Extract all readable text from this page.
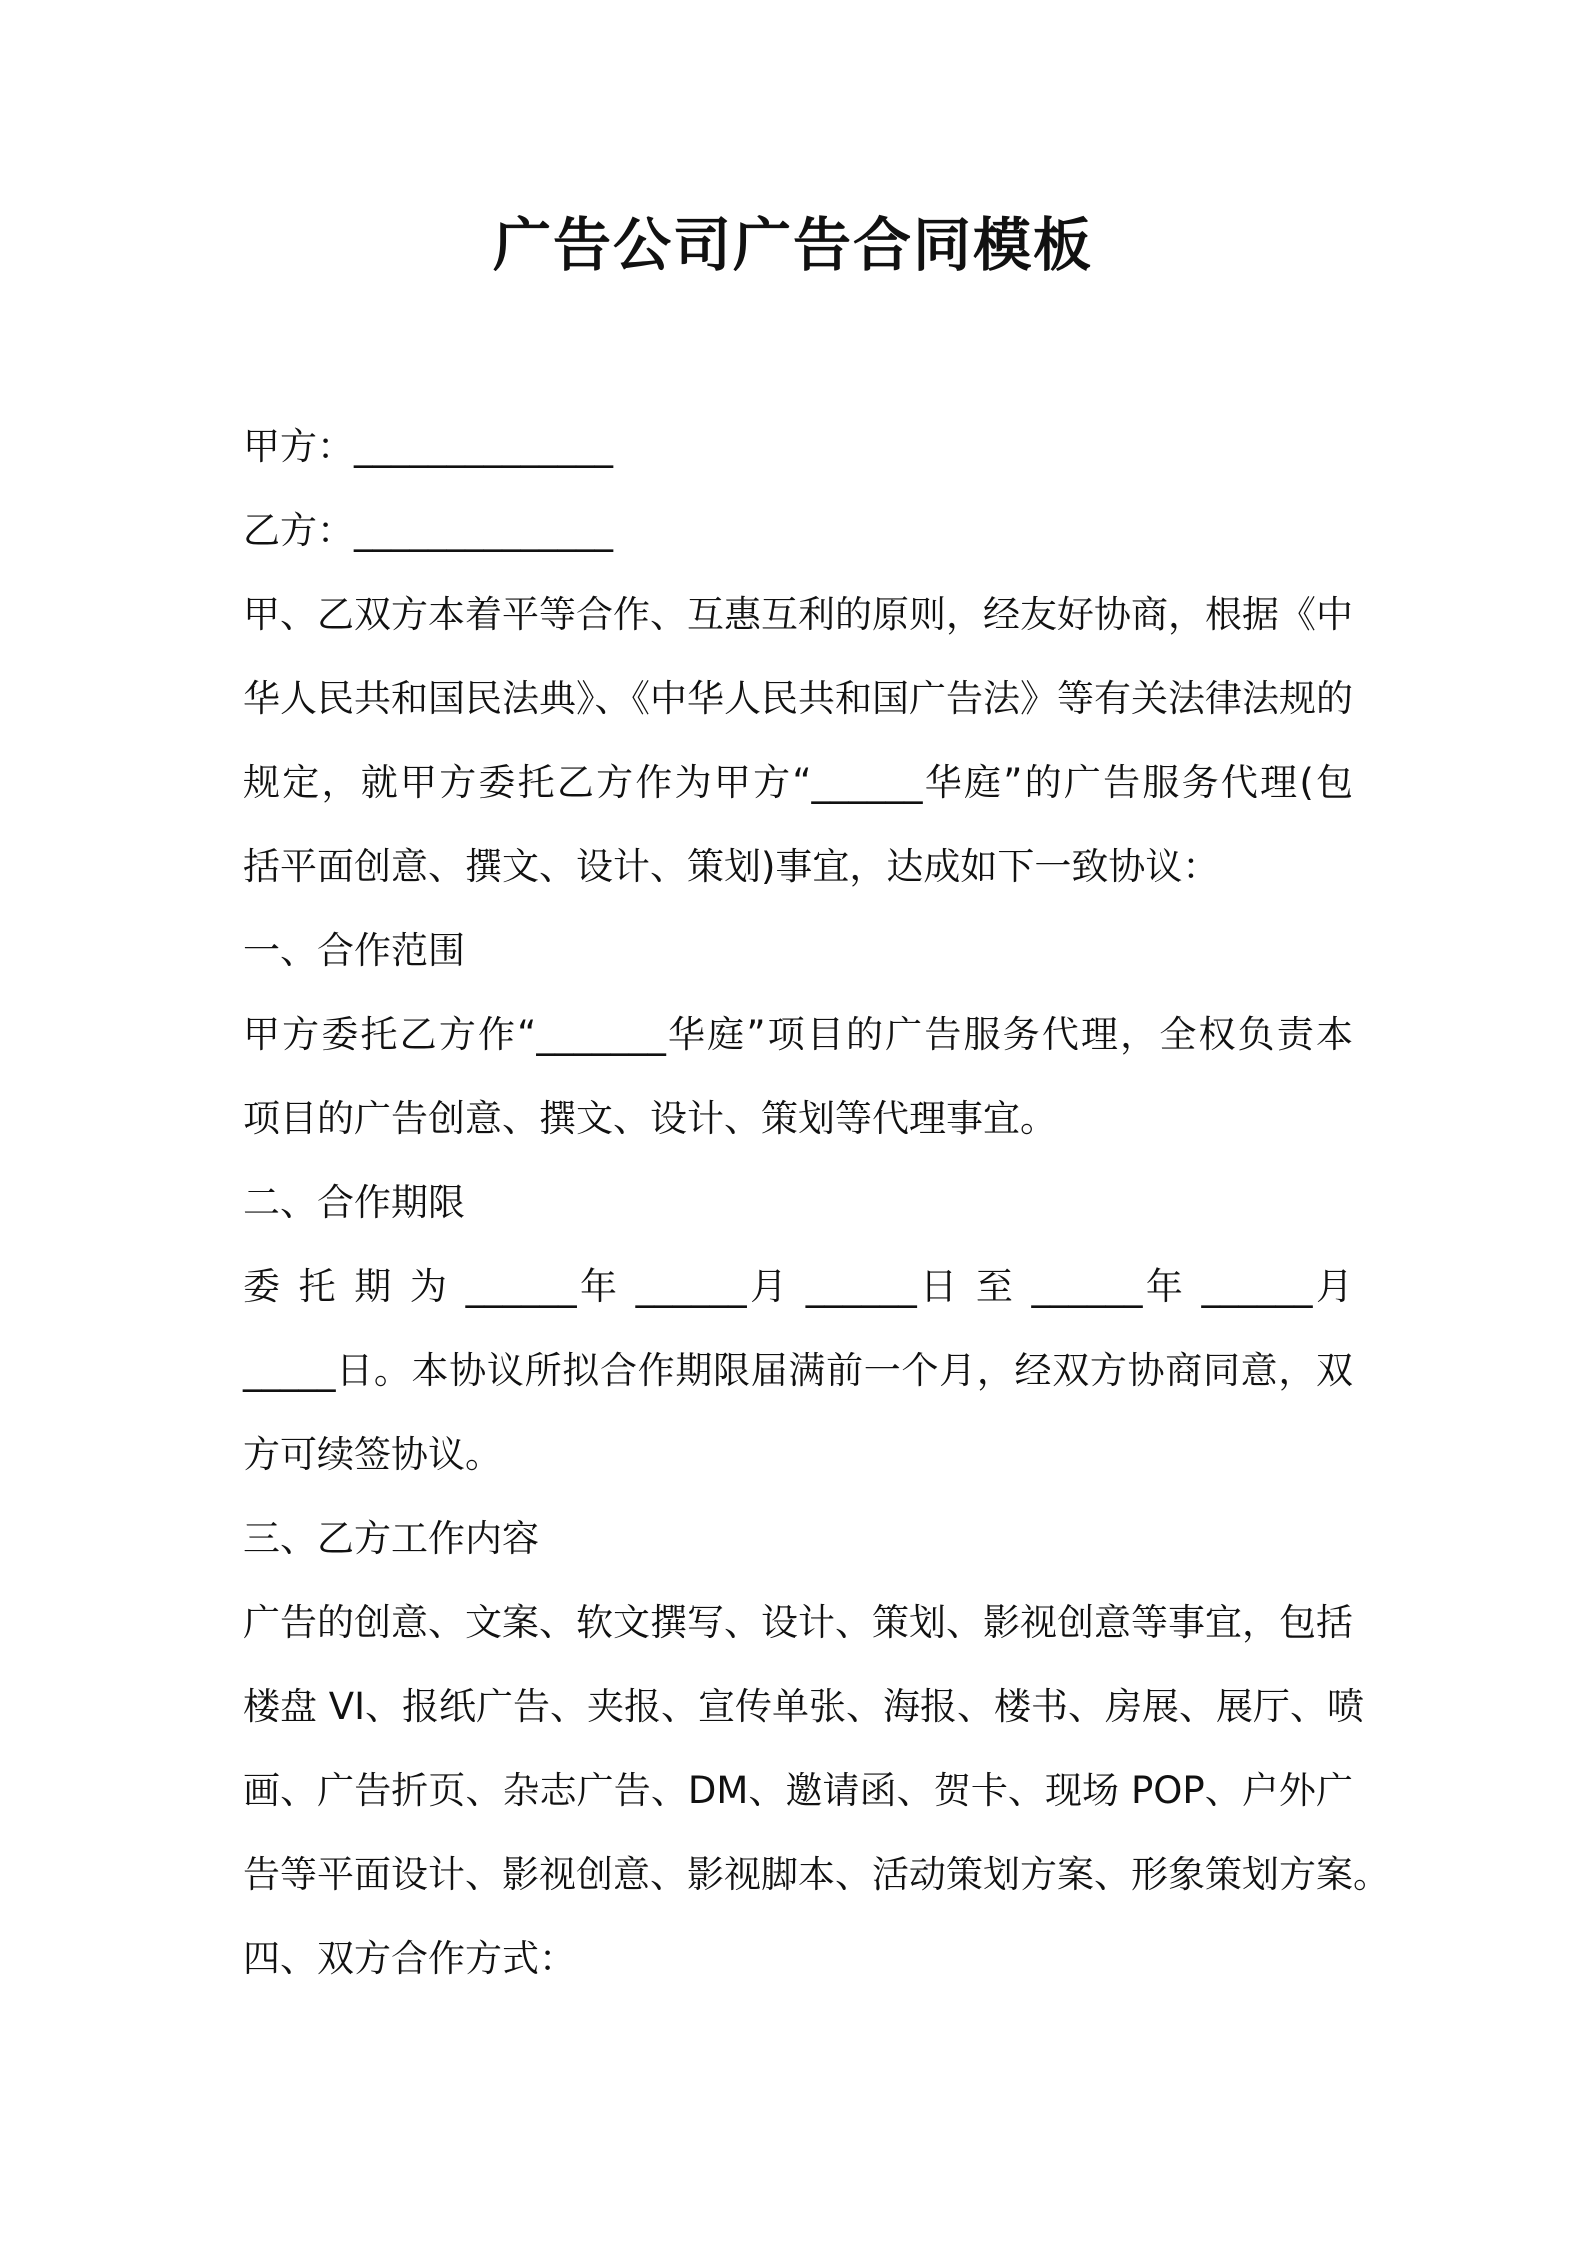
广告公司广告合同模板

甲方：______________

乙方：______________

甲、乙双方本着平等合作、互惠互利的原则，经友好协商，根据《中

华人民共和国民法典》、《中华人民共和国广告法》等有关法律法规的

规定，就甲方委托乙方作为甲方“______华庭”的广告服务代理(包

括平面创意、撰文、设计、策划)事宜，达成如下一致协议：

一、合作范围

甲方委托乙方作“_______华庭”项目的广告服务代理，全权负责本

项目的广告创意、撰文、设计、策划等代理事宜。

二、合作期限

委 托 期 为 ______年 ______月 ______日 至 ______年 ______月

_____日。本协议所拟合作期限届满前一个月，经双方协商同意，双

方可续签协议。

三、乙方工作内容

广告的创意、文案、软文撰写、设计、策划、影视创意等事宜，包括

楼盘 VI、报纸广告、夹报、宣传单张、海报、楼书、房展、展厅、喷

画、广告折页、杂志广告、DM、邀请函、贺卡、现场 POP、户外广

告等平面设计、影视创意、影视脚本、活动策划方案、形象策划方案。

四、双方合作方式：
